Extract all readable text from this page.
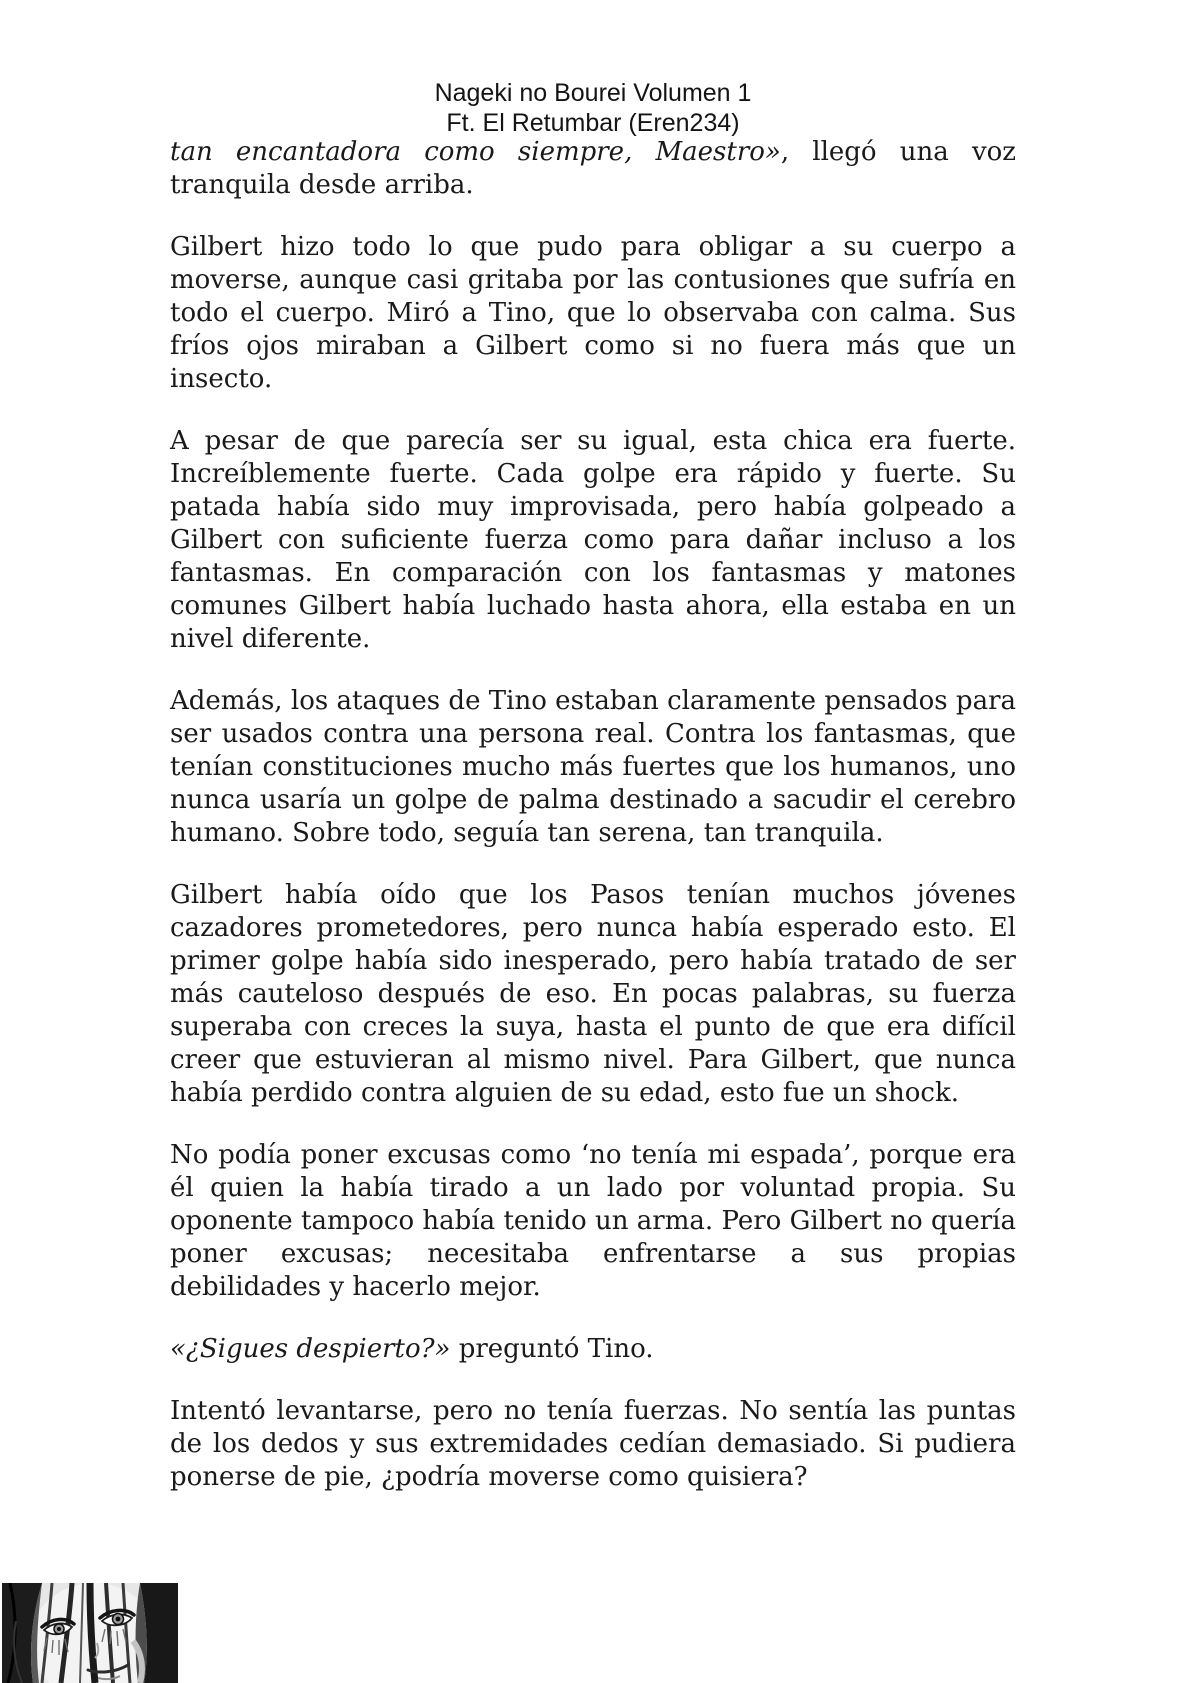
Nageki no Bourei Volumen 1
Ft. El Retumbar (Eren234)

tan encantadora como siempre, Maestro», llegó una voz tranquila desde arriba.

Gilbert hizo todo lo que pudo para obligar a su cuerpo a moverse, aunque casi gritaba por las contusiones que sufría en todo el cuerpo. Miró a Tino, que lo observaba con calma. Sus fríos ojos miraban a Gilbert como si no fuera más que un insecto.

A pesar de que parecía ser su igual, esta chica era fuerte. Increíblemente fuerte. Cada golpe era rápido y fuerte. Su patada había sido muy improvisada, pero había golpeado a Gilbert con suficiente fuerza como para dañar incluso a los fantasmas. En comparación con los fantasmas y matones comunes Gilbert había luchado hasta ahora, ella estaba en un nivel diferente.

Además, los ataques de Tino estaban claramente pensados para ser usados contra una persona real. Contra los fantasmas, que tenían constituciones mucho más fuertes que los humanos, uno nunca usaría un golpe de palma destinado a sacudir el cerebro humano. Sobre todo, seguía tan serena, tan tranquila.

Gilbert había oído que los Pasos tenían muchos jóvenes cazadores prometedores, pero nunca había esperado esto. El primer golpe había sido inesperado, pero había tratado de ser más cauteloso después de eso. En pocas palabras, su fuerza superaba con creces la suya, hasta el punto de que era difícil creer que estuvieran al mismo nivel. Para Gilbert, que nunca había perdido contra alguien de su edad, esto fue un shock.

No podía poner excusas como ‘no tenía mi espada’, porque era él quien la había tirado a un lado por voluntad propia. Su oponente tampoco había tenido un arma. Pero Gilbert no quería poner excusas; necesitaba enfrentarse a sus propias debilidades y hacerlo mejor.

«¿Sigues despierto?» preguntó Tino.

Intentó levantarse, pero no tenía fuerzas. No sentía las puntas de los dedos y sus extremidades cedían demasiado. Si pudiera ponerse de pie, ¿podría moverse como quisiera?
